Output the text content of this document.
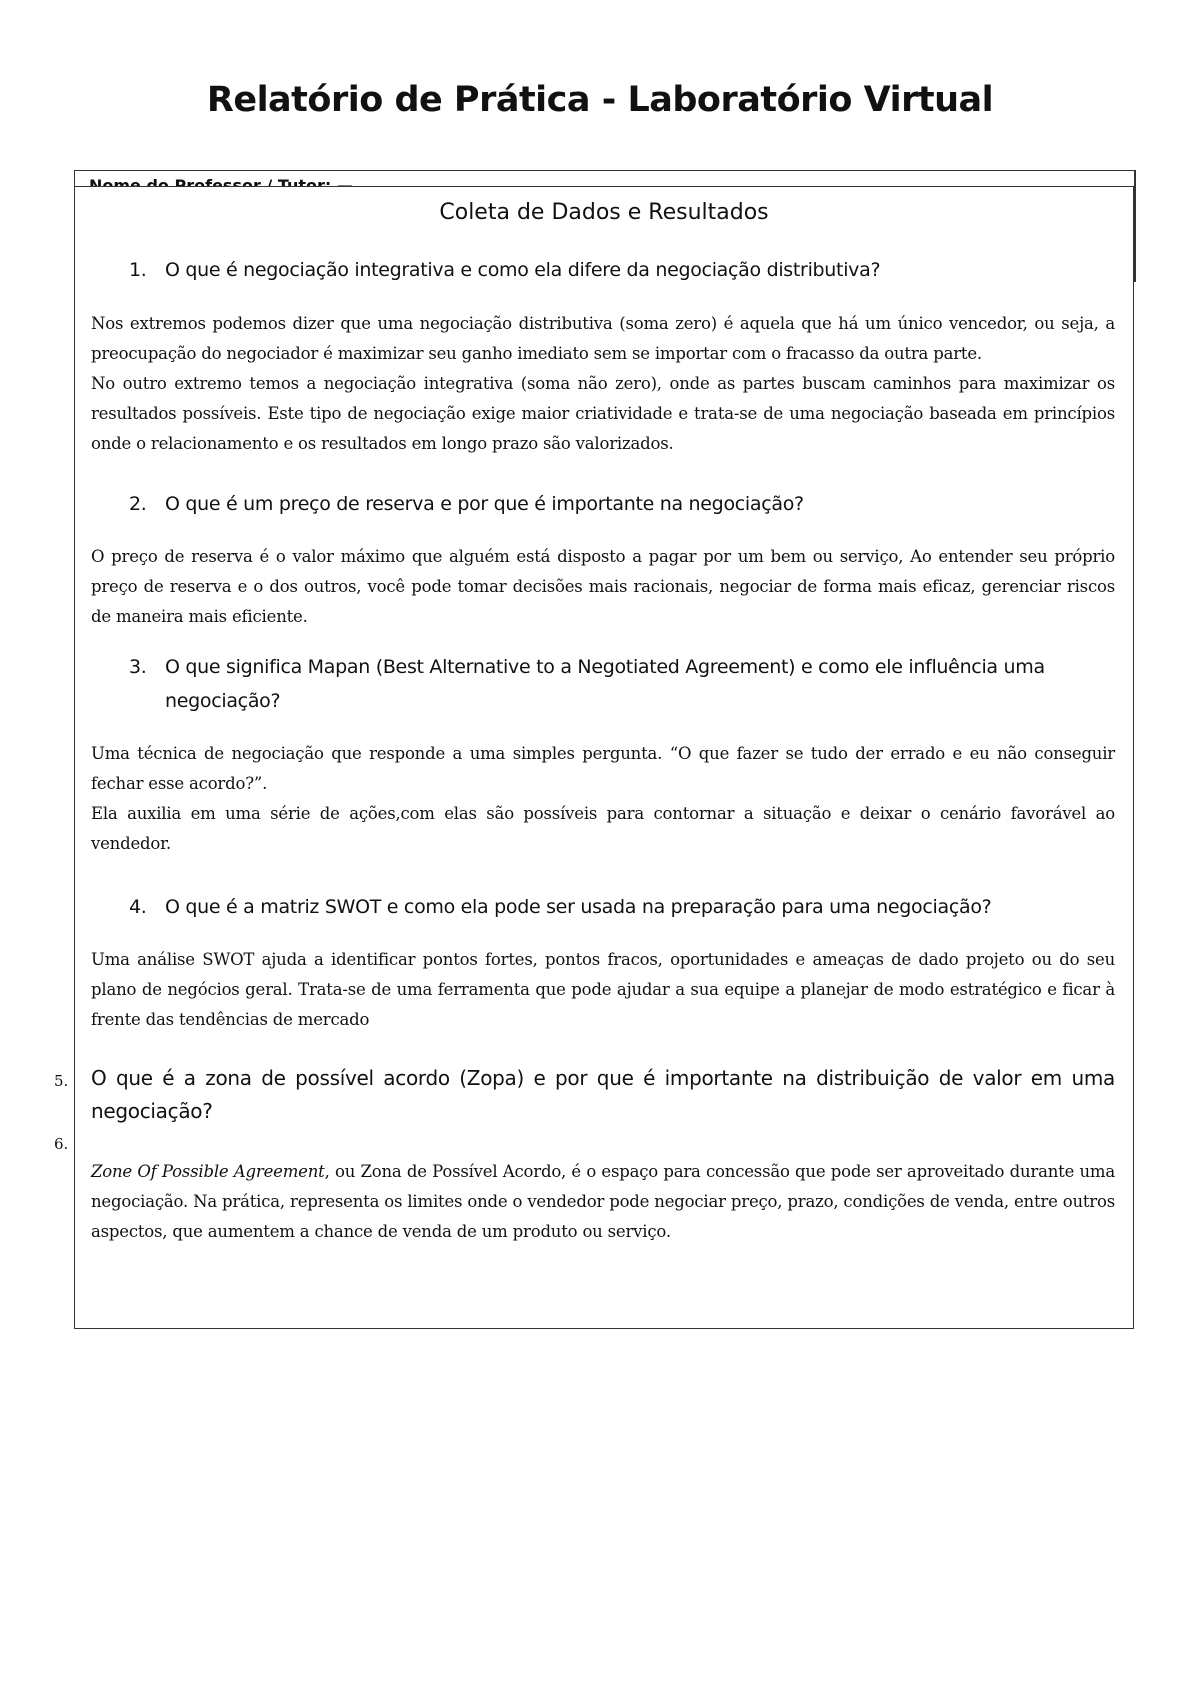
Relatório de Prática - Laboratório Virtual
Coleta de Dados e Resultados
1. O que é negociação integrativa e como ela difere da negociação distributiva?

Nos extremos podemos dizer que uma negociação distributiva (soma zero) é aquela que há um único vencedor, ou seja, a preocupação do negociador é maximizar seu ganho imediato sem se importar com o fracasso da outra parte.

No outro extremo temos a negociação integrativa (soma não zero), onde as partes buscam caminhos para maximizar os resultados possíveis. Este tipo de negociação exige maior criatividade e trata-se de uma negociação baseada em princípios onde o relacionamento e os resultados em longo prazo são valorizados.

2. O que é um preço de reserva e por que é importante na negociação?

O preço de reserva é o valor máximo que alguém está disposto a pagar por um bem ou serviço, Ao entender seu próprio preço de reserva e o dos outros, você pode tomar decisões mais racionais, negociar de forma mais eficaz, gerenciar riscos de maneira mais eficiente.

3. O que significa Mapan (Best Alternative to a Negotiated Agreement) e como ele influência uma negociação?

Uma técnica de negociação que responde a uma simples pergunta. “O que fazer se tudo der errado e eu não conseguir fechar esse acordo?”.

Ela auxilia em uma série de ações,com elas são possíveis para contornar a situação e deixar o cenário favorável ao vendedor.

4. O que é a matriz SWOT e como ela pode ser usada na preparação para uma negociação?

Uma análise SWOT ajuda a identificar pontos fortes, pontos fracos, oportunidades e ameaças de dado projeto ou do seu plano de negócios geral. Trata-se de uma ferramenta que pode ajudar a sua equipe a planejar de modo estratégico e ficar à frente das tendências de mercado

O que é a zona de possível acordo (Zopa) e por que é importante na distribuição de valor em uma negociação?

Zone Of Possible Agreement, ou Zona de Possível Acordo, é o espaço para concessão que pode ser aproveitado durante uma negociação. Na prática, representa os limites onde o vendedor pode negociar preço, prazo, condições de venda, entre outros aspectos, que aumentem a chance de venda de um produto ou serviço.

5.
6.
